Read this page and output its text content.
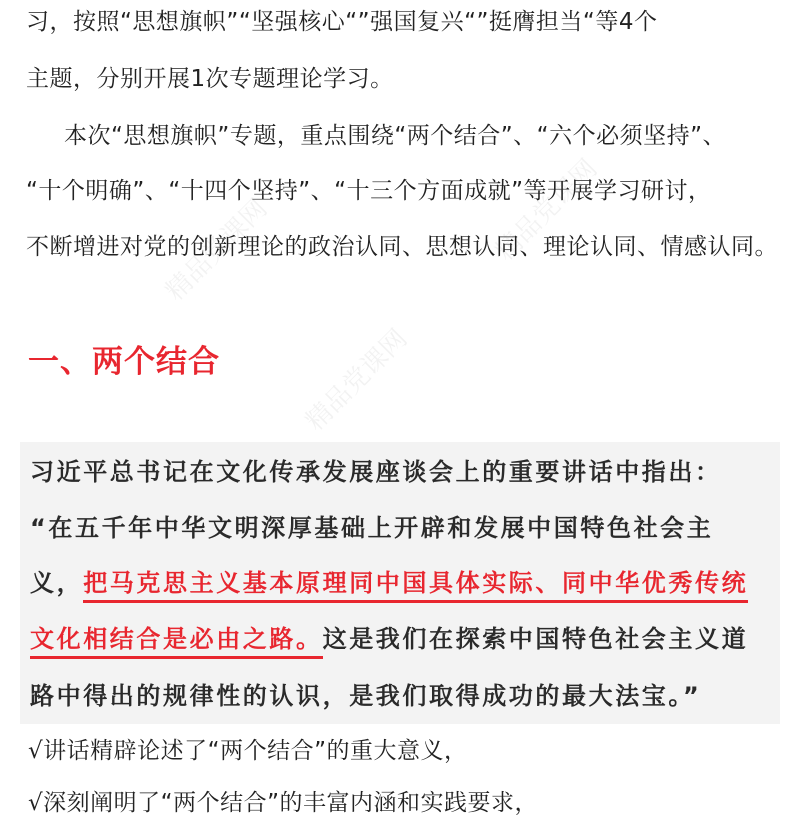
精品党课网	精品党课网
精品党课网
习，按照“思想旗帜”“坚强核心“”强国复兴“”挺膺担当“等4个
主题，分别开展1次专题理论学习。
本次“思想旗帜”专题，重点围绕“两个结合”、“六个必须坚持”、
“十个明确”、“十四个坚持”、“十三个方面成就”等开展学习研讨，
不断增进对党的创新理论的政治认同、思想认同、理论认同、情感认同。
一、两个结合
习近平总书记在文化传承发展座谈会上的重要讲话中指出：
“在五千年中华文明深厚基础上开辟和发展中国特色社会主
义，把马克思主义基本原理同中国具体实际、同中华优秀传统
文化相结合是必由之路。这是我们在探索中国特色社会主义道
路中得出的规律性的认识，是我们取得成功的最大法宝。”
√讲话精辟论述了“两个结合”的重大意义，
√深刻阐明了“两个结合”的丰富内涵和实践要求，
